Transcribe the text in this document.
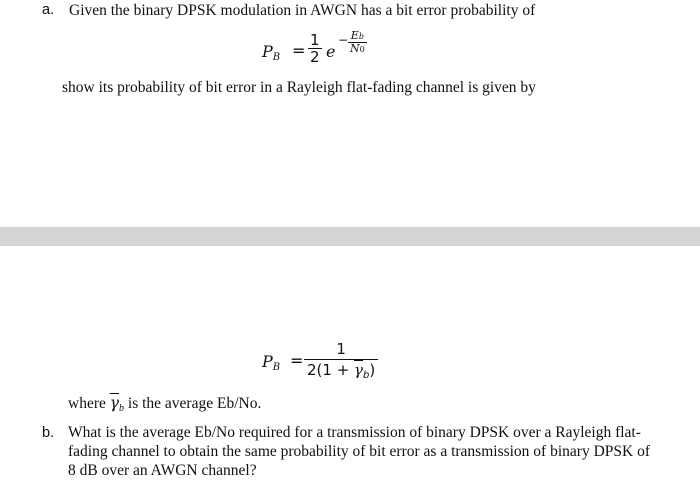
a. Given the binary DPSK modulation in AWGN has a bit error probability of
$P_B = \frac{1}{2}$ e
− $\frac{Eb}{N0}$
show its probability of bit error in a Rayleigh flat-fading channel is given by
$P_B = \frac{1}{2(1 + \overline{\gamma}_b)}$
where $\overline{\gamma}_b$ is the average Eb/No.
b. What is the average Eb/No required for a transmission of binary DPSK over a Rayleigh flat-
fading channel to obtain the same probability of bit error as a transmission of binary DPSK of
8 dB over an AWGN channel?
